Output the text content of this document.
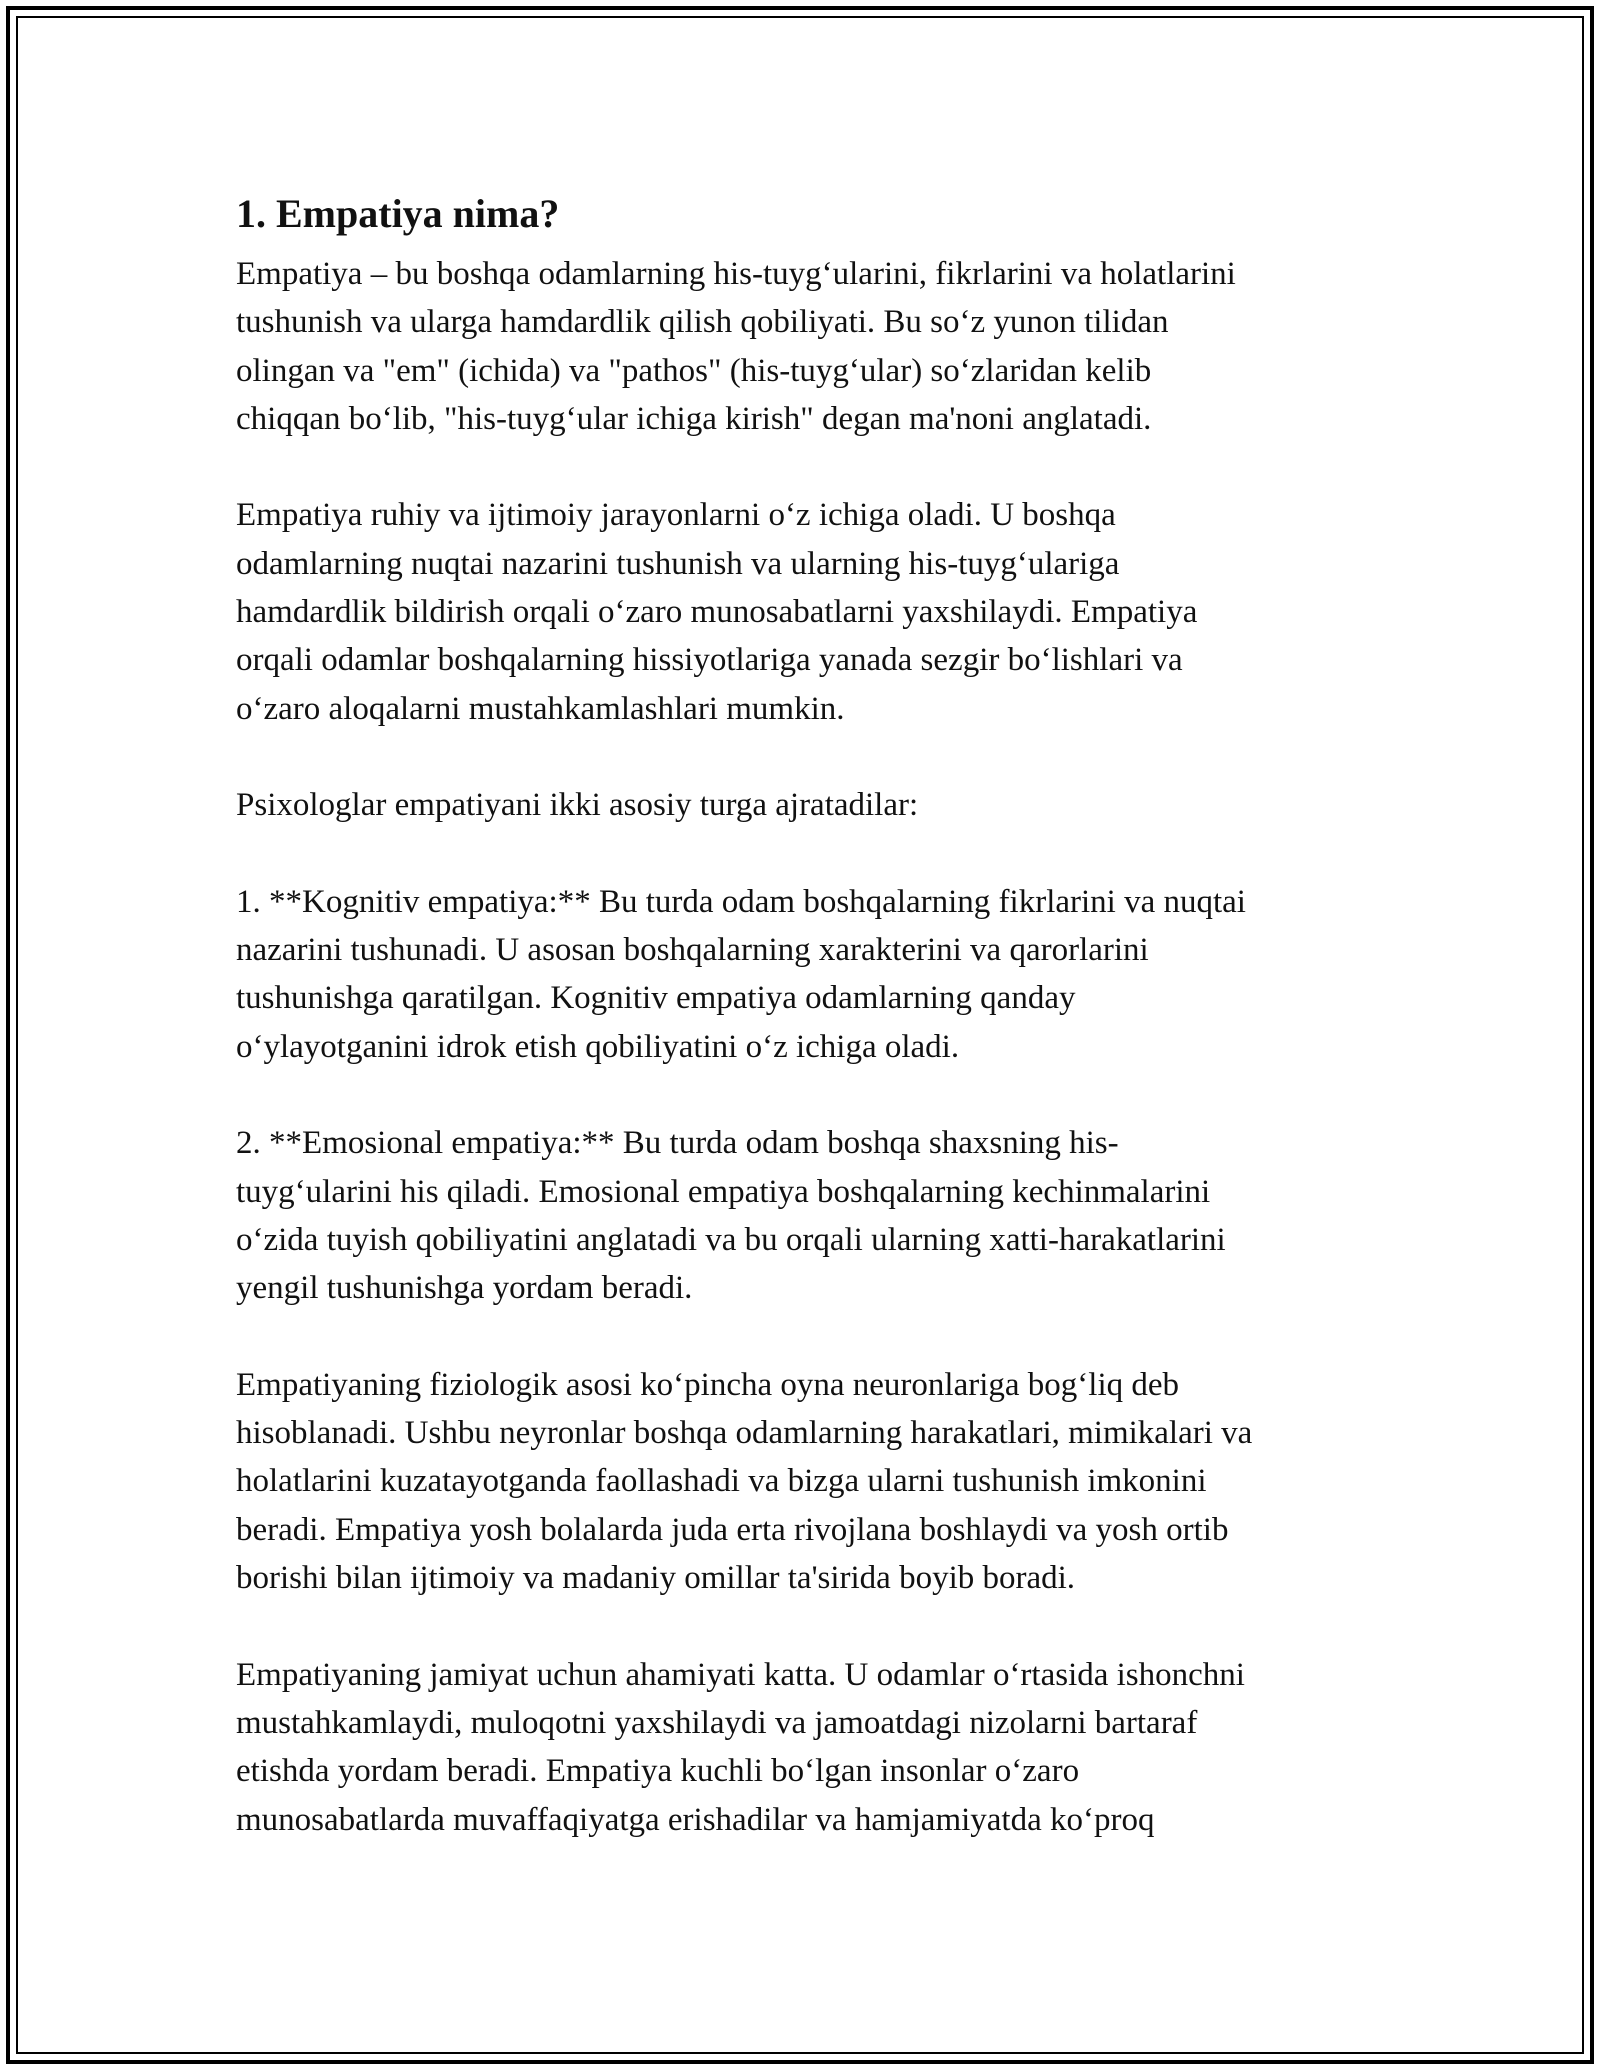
1. Empatiya nima?

Empatiya – bu boshqa odamlarning his-tuyg‘ularini, fikrlarini va holatlarini
tushunish va ularga hamdardlik qilish qobiliyati. Bu so‘z yunon tilidan
olingan va "em" (ichida) va "pathos" (his-tuyg‘ular) so‘zlaridan kelib
chiqqan bo‘lib, "his-tuyg‘ular ichiga kirish" degan ma'noni anglatadi.

Empatiya ruhiy va ijtimoiy jarayonlarni o‘z ichiga oladi. U boshqa
odamlarning nuqtai nazarini tushunish va ularning his-tuyg‘ulariga
hamdardlik bildirish orqali o‘zaro munosabatlarni yaxshilaydi. Empatiya
orqali odamlar boshqalarning hissiyotlariga yanada sezgir bo‘lishlari va
o‘zaro aloqalarni mustahkamlashlari mumkin.

Psixologlar empatiyani ikki asosiy turga ajratadilar:

1. **Kognitiv empatiya:** Bu turda odam boshqalarning fikrlarini va nuqtai
nazarini tushunadi. U asosan boshqalarning xarakterini va qarorlarini
tushunishga qaratilgan. Kognitiv empatiya odamlarning qanday
o‘ylayotganini idrok etish qobiliyatini o‘z ichiga oladi.

2. **Emosional empatiya:** Bu turda odam boshqa shaxsning his-
tuyg‘ularini his qiladi. Emosional empatiya boshqalarning kechinmalarini
o‘zida tuyish qobiliyatini anglatadi va bu orqali ularning xatti-harakatlarini
yengil tushunishga yordam beradi.

Empatiyaning fiziologik asosi ko‘pincha oyna neuronlariga bog‘liq deb
hisoblanadi. Ushbu neyronlar boshqa odamlarning harakatlari, mimikalari va
holatlarini kuzatayotganda faollashadi va bizga ularni tushunish imkonini
beradi. Empatiya yosh bolalarda juda erta rivojlana boshlaydi va yosh ortib
borishi bilan ijtimoiy va madaniy omillar ta'sirida boyib boradi.

Empatiyaning jamiyat uchun ahamiyati katta. U odamlar o‘rtasida ishonchni
mustahkamlaydi, muloqotni yaxshilaydi va jamoatdagi nizolarni bartaraf
etishda yordam beradi. Empatiya kuchli bo‘lgan insonlar o‘zaro
munosabatlarda muvaffaqiyatga erishadilar va hamjamiyatda ko‘proq
